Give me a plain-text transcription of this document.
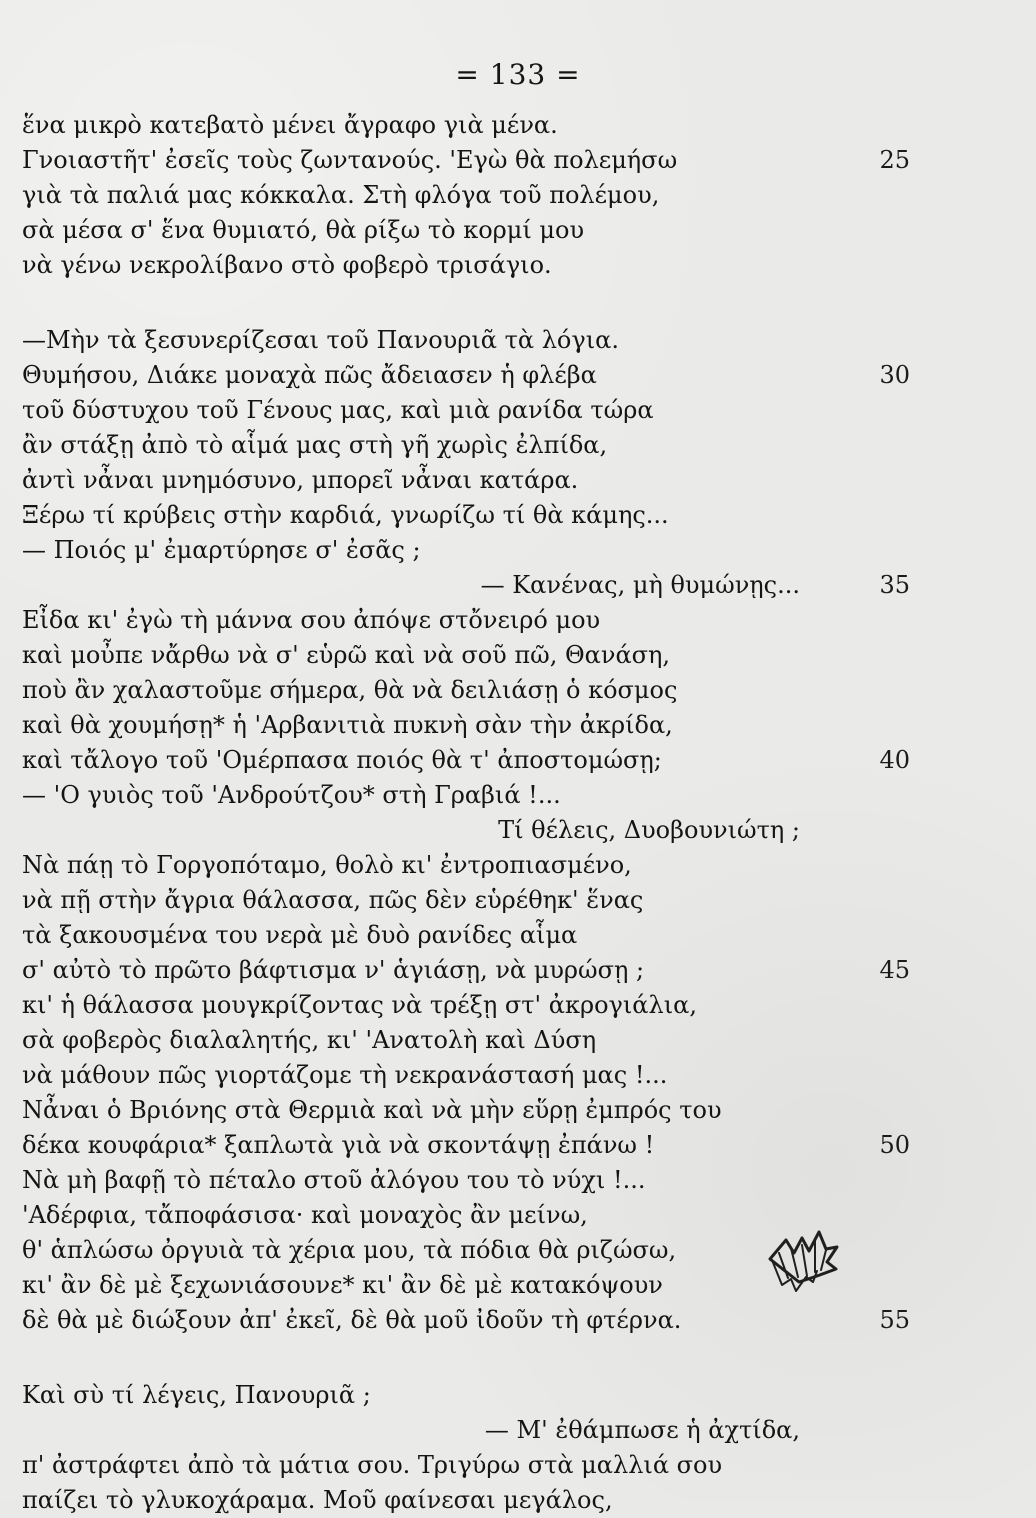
= 133 =
ἕνα μικρὸ κατεβατὸ μένει ἄγραφο γιὰ μένα.
Γνοιαστῆτ' ἐσεῖς τοὺς ζωντανούς. 'Εγὼ θὰ πολεμήσω
γιὰ τὰ παλιά μας κόκκαλα. Στὴ φλόγα τοῦ πολέμου,
σὰ μέσα σ' ἕνα θυμιατό, θὰ ρίξω τὸ κορμί μου
νὰ γένω νεκρολίβανο στὸ φοβερὸ τρισάγιο.
—Μὴν τὰ ξεσυνερίζεσαι τοῦ Πανουριᾶ τὰ λόγια.
Θυμήσου, Διάκε μοναχὰ πῶς ἄδειασεν ἡ φλέβα
τοῦ δύστυχου τοῦ Γένους μας, καὶ μιὰ ρανίδα τώρα
ἂν στάξῃ ἀπὸ τὸ αἷμά μας στὴ γῆ χωρὶς ἐλπίδα,
ἀντὶ νἆναι μνημόσυνο, μπορεῖ νἆναι κατάρα.
Ξέρω τί κρύβεις στὴν καρδιά, γνωρίζω τί θὰ κάμης...
— Ποιός μ' ἐμαρτύρησε σ' ἐσᾶς ;
— Κανένας, μὴ θυμώνῃς...
Εἶδα κι' ἐγὼ τὴ μάννα σου ἀπόψε στὄνειρό μου
καὶ μοὖπε νἄρθω νὰ σ' εὑρῶ καὶ νὰ σοῦ πῶ, Θανάση,
ποὺ ἂν χαλαστοῦμε σήμερα, θὰ νὰ δειλιάσῃ ὁ κόσμος
καὶ θὰ χουμήσῃ* ἡ 'Αρβανιτιὰ πυκνὴ σὰν τὴν ἀκρίδα,
καὶ τἄλογο τοῦ 'Ομέρπασα ποιός θὰ τ' ἀποστομώσῃ;
— 'Ο γυιὸς τοῦ 'Ανδρούτζου* στὴ Γραβιά !...
Τί θέλεις, Δυοβουνιώτη ;
Νὰ πάῃ τὸ Γοργοπόταμο, θολὸ κι' ἐντροπιασμένο,
νὰ πῇ στὴν ἄγρια θάλασσα, πῶς δὲν εὑρέθηκ' ἕνας
τὰ ξακουσμένα του νερὰ μὲ δυὸ ρανίδες αἷμα
σ' αὐτὸ τὸ πρῶτο βάφτισμα ν' ἁγιάσῃ, νὰ μυρώσῃ ;
κι' ἡ θάλασσα μουγκρίζοντας νὰ τρέξῃ στ' ἀκρογιάλια,
σὰ φοβερὸς διαλαλητής, κι' 'Ανατολὴ καὶ Δύση
νὰ μάθουν πῶς γιορτάζομε τὴ νεκρανάστασή μας !...
Νἆναι ὁ Βριόνης στὰ Θερμιὰ καὶ νὰ μὴν εὕρῃ ἐμπρός του
δέκα κουφάρια* ξαπλωτὰ γιὰ νὰ σκοντάψῃ ἐπάνω !
Νὰ μὴ βαφῇ τὸ πέταλο στοῦ ἀλόγου του τὸ νύχι !...
'Αδέρφια, τἄποφάσισα· καὶ μοναχὸς ἂν μείνω,
θ' ἁπλώσω ὀργυιὰ τὰ χέρια μου, τὰ πόδια θὰ ριζώσω,
κι' ἂν δὲ μὲ ξεχωνιάσουνε* κι' ἂν δὲ μὲ κατακόψουν
δὲ θὰ μὲ διώξουν ἀπ' ἐκεῖ, δὲ θὰ μοῦ ἰδοῦν τὴ φτέρνα.
Καὶ σὺ τί λέγεις, Πανουριᾶ ;
— Μ' ἐθάμπωσε ἡ ἀχτίδα,
π' ἀστράφτει ἀπὸ τὰ μάτια σου. Τριγύρω στὰ μαλλιά σου
παίζει τὸ γλυκοχάραμα. Μοῦ φαίνεσαι μεγάλος,
25
30
35
40
45
50
55
